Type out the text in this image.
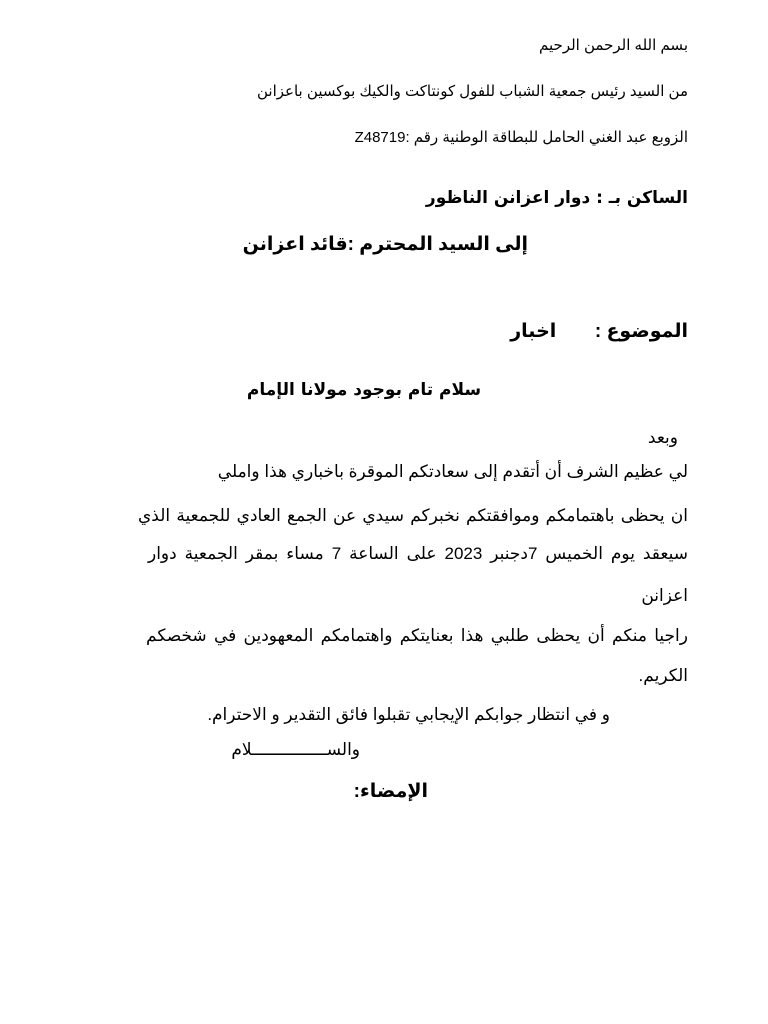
بسم الله الرحمن الرحيم

من السيد رئيس جمعية الشباب للفول كونتاكت والكيك بوكسين باعزانن

الزوبع عبد الغني الحامل للبطاقة الوطنية رقم :Z48719

الساكن بـ : دوار اعزانن الناظور

إلى السيد المحترم :قائد اعزانن

الموضوع :  اخبار

سلام تام بوجود مولانا الإمام

وبعد

لي عظيم الشرف أن أتقدم إلى سعادتكم الموقرة باخباري هذا واملي

ان يحظى باهتمامكم وموافقتكم نخبركم سيدي عن الجمع العادي للجمعية الذي

سيعقد يوم الخميس 7دجنبر 2023 على الساعة 7 مساء بمقر الجمعية دوار

اعزانن

راجيا منكم أن يحظى طلبي هذا بعنايتكم واهتمامكم المعهودين في شخصكم

الكريم.

و في انتظار جوابكم الإيجابي تقبلوا فائق التقدير و الاحترام.

والســـــــــــــــلام

الإمضاء:
